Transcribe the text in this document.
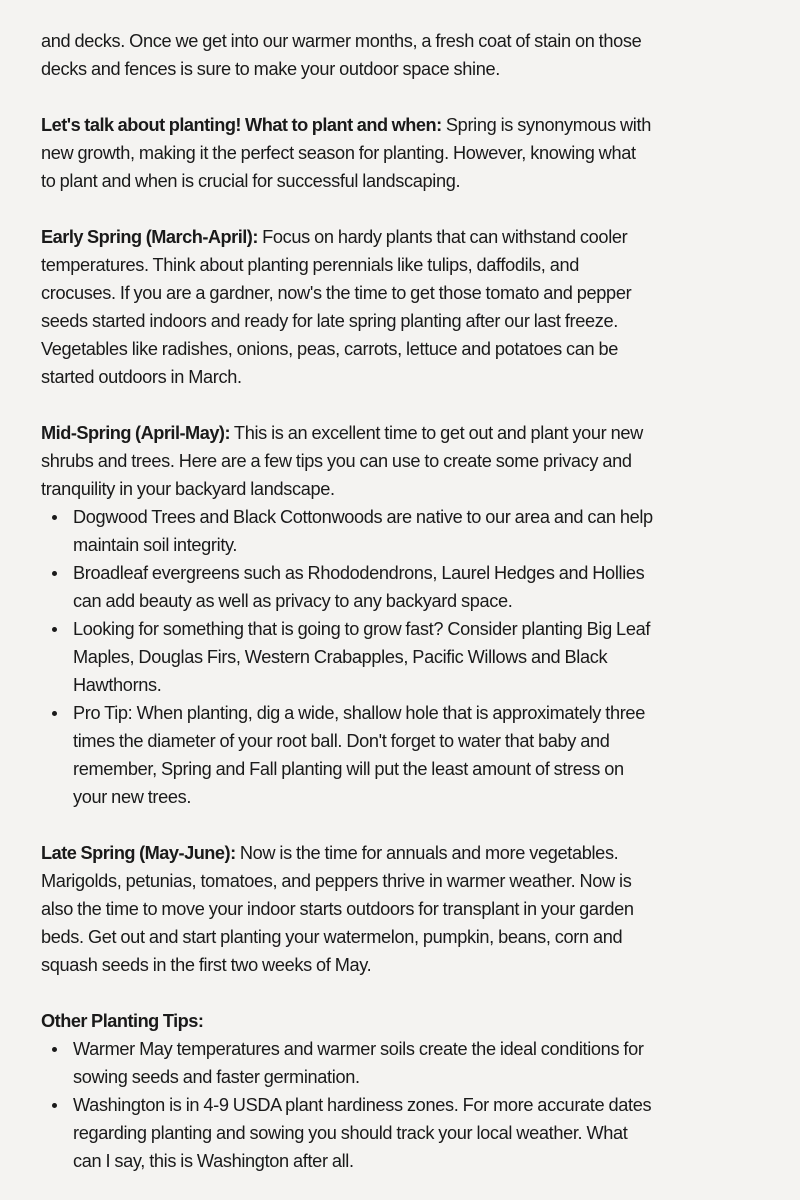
and decks. Once we get into our warmer months, a fresh coat of stain on those
decks and fences is sure to make your outdoor space shine.

Let's talk about planting! What to plant and when: Spring is synonymous with
new growth, making it the perfect season for planting. However, knowing what
to plant and when is crucial for successful landscaping.

Early Spring (March-April): Focus on hardy plants that can withstand cooler
temperatures. Think about planting perennials like tulips, daffodils, and
crocuses. If you are a gardner, now's the time to get those tomato and pepper
seeds started indoors and ready for late spring planting after our last freeze.
Vegetables like radishes, onions, peas, carrots, lettuce and potatoes can be
started outdoors in March.

Mid-Spring (April-May): This is an excellent time to get out and plant your new
shrubs and trees. Here are a few tips you can use to create some privacy and
tranquility in your backyard landscape.

Dogwood Trees and Black Cottonwoods are native to our area and can help
maintain soil integrity.
Broadleaf evergreens such as Rhododendrons, Laurel Hedges and Hollies
can add beauty as well as privacy to any backyard space.
Looking for something that is going to grow fast? Consider planting Big Leaf
Maples, Douglas Firs, Western Crabapples, Pacific Willows and Black
Hawthorns.
Pro Tip: When planting, dig a wide, shallow hole that is approximately three
times the diameter of your root ball. Don't forget to water that baby and
remember, Spring and Fall planting will put the least amount of stress on
your new trees.

Late Spring (May-June): Now is the time for annuals and more vegetables.
Marigolds, petunias, tomatoes, and peppers thrive in warmer weather. Now is
also the time to move your indoor starts outdoors for transplant in your garden
beds. Get out and start planting your watermelon, pumpkin, beans, corn and
squash seeds in the first two weeks of May.

Other Planting Tips:

Warmer May temperatures and warmer soils create the ideal conditions for
sowing seeds and faster germination.
Washington is in 4-9 USDA plant hardiness zones. For more accurate dates
regarding planting and sowing you should track your local weather. What
can I say, this is Washington after all.
